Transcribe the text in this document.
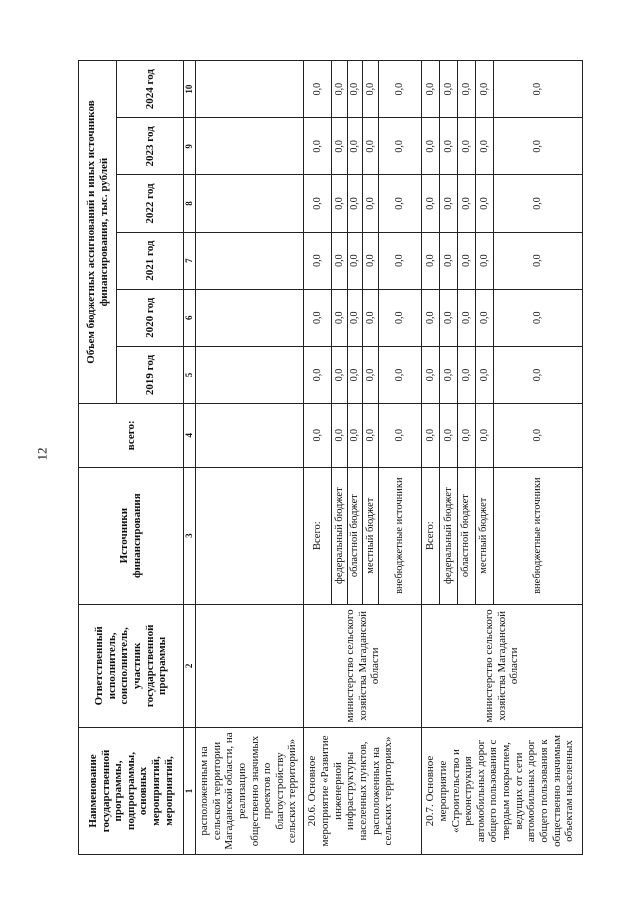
12
Наименование государственной программы, подпрограммы, основных мероприятий, мероприятий,	Ответственный исполнитель, соисполнитель, участник государственной программы	Источники финансирования	всего:	Объем бюджетных ассигнований и иных источников финансирования, тыс. рублей					
				2019 год	2020 год	2021 год	2022 год	2023 год	2024 год
1	2	3	4	5	6	7	8	9	10
расположенным на сельской территории Магаданской области, на реализацию общественно значимых проектов по благоустройству сельских территорий»									
20.6. Основное мероприятие «Развитие инженерной инфраструктуры населенных пунктов, расположенных на сельских территориях»	министерство сельского хозяйства Магаданской области	Всего:	0,0	0,0	0,0	0,0	0,0	0,0	0,0
		федеральный бюджет	0,0	0,0	0,0	0,0	0,0	0,0	0,0
		областной бюджет	0,0	0,0	0,0	0,0	0,0	0,0	0,0
		местный бюджет	0,0	0,0	0,0	0,0	0,0	0,0	0,0
		внебюджетные источники	0,0	0,0	0,0	0,0	0,0	0,0	0,0
20.7. Основное мероприятие «Строительство и реконструкция автомобильных дорог общего пользования с твердым покрытием, ведущих от сети автомобильных дорог общего пользования к общественно значимым объектам населенных	министерство сельского хозяйства Магаданской области	Всего:	0,0	0,0	0,0	0,0	0,0	0,0	0,0
		федеральный бюджет	0,0	0,0	0,0	0,0	0,0	0,0	0,0
		областной бюджет	0,0	0,0	0,0	0,0	0,0	0,0	0,0
		местный бюджет	0,0	0,0	0,0	0,0	0,0	0,0	0,0
		внебюджетные источники	0,0	0,0	0,0	0,0	0,0	0,0	0,0
